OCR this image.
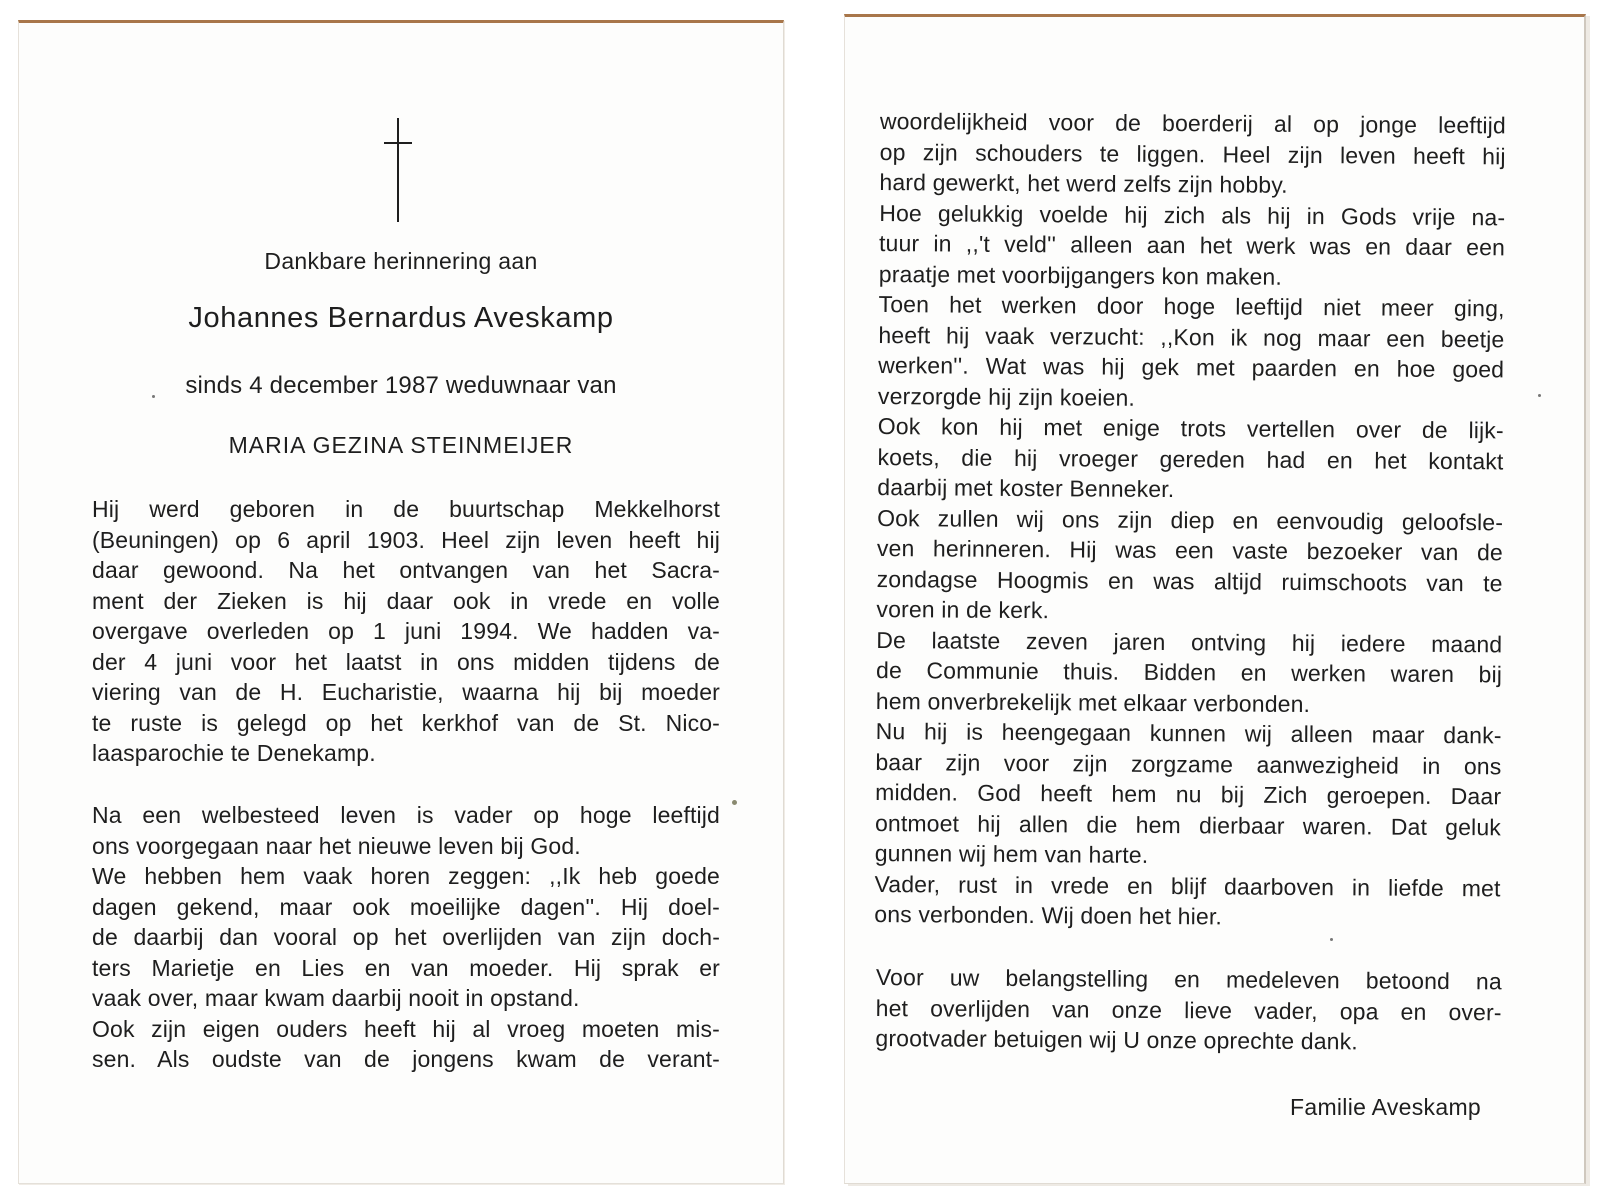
Dankbare herinnering aan
Johannes Bernardus Aveskamp
sinds 4 december 1987 weduwnaar van
MARIA GEZINA STEINMEIJER
Hij werd geboren in de buurtschap Mekkelhorst
(Beuningen) op 6 april 1903. Heel zijn leven heeft hij
daar gewoond. Na het ontvangen van het Sacra-
ment der Zieken is hij daar ook in vrede en volle
overgave overleden op 1 juni 1994. We hadden va-
der 4 juni voor het laatst in ons midden tijdens de
viering van de H. Eucharistie, waarna hij bij moeder
te ruste is gelegd op het kerkhof van de St. Nico-
laasparochie te Denekamp.
Na een welbesteed leven is vader op hoge leeftijd
ons voorgegaan naar het nieuwe leven bij God.
We hebben hem vaak horen zeggen: ,,Ik heb goede
dagen gekend, maar ook moeilijke dagen''. Hij doel-
de daarbij dan vooral op het overlijden van zijn doch-
ters Marietje en Lies en van moeder. Hij sprak er
vaak over, maar kwam daarbij nooit in opstand.
Ook zijn eigen ouders heeft hij al vroeg moeten mis-
sen. Als oudste van de jongens kwam de verant-
woordelijkheid voor de boerderij al op jonge leeftijd
op zijn schouders te liggen. Heel zijn leven heeft hij
hard gewerkt, het werd zelfs zijn hobby.
Hoe gelukkig voelde hij zich als hij in Gods vrije na-
tuur in ,,'t veld'' alleen aan het werk was en daar een
praatje met voorbijgangers kon maken.
Toen het werken door hoge leeftijd niet meer ging,
heeft hij vaak verzucht: ,,Kon ik nog maar een beetje
werken''. Wat was hij gek met paarden en hoe goed
verzorgde hij zijn koeien.
Ook kon hij met enige trots vertellen over de lijk-
koets, die hij vroeger gereden had en het kontakt
daarbij met koster Benneker.
Ook zullen wij ons zijn diep en eenvoudig geloofsle-
ven herinneren. Hij was een vaste bezoeker van de
zondagse Hoogmis en was altijd ruimschoots van te
voren in de kerk.
De laatste zeven jaren ontving hij iedere maand
de Communie thuis. Bidden en werken waren bij
hem onverbrekelijk met elkaar verbonden.
Nu hij is heengegaan kunnen wij alleen maar dank-
baar zijn voor zijn zorgzame aanwezigheid in ons
midden. God heeft hem nu bij Zich geroepen. Daar
ontmoet hij allen die hem dierbaar waren. Dat geluk
gunnen wij hem van harte.
Vader, rust in vrede en blijf daarboven in liefde met
ons verbonden. Wij doen het hier.
Voor uw belangstelling en medeleven betoond na
het overlijden van onze lieve vader, opa en over-
grootvader betuigen wij U onze oprechte dank.
Familie Aveskamp
